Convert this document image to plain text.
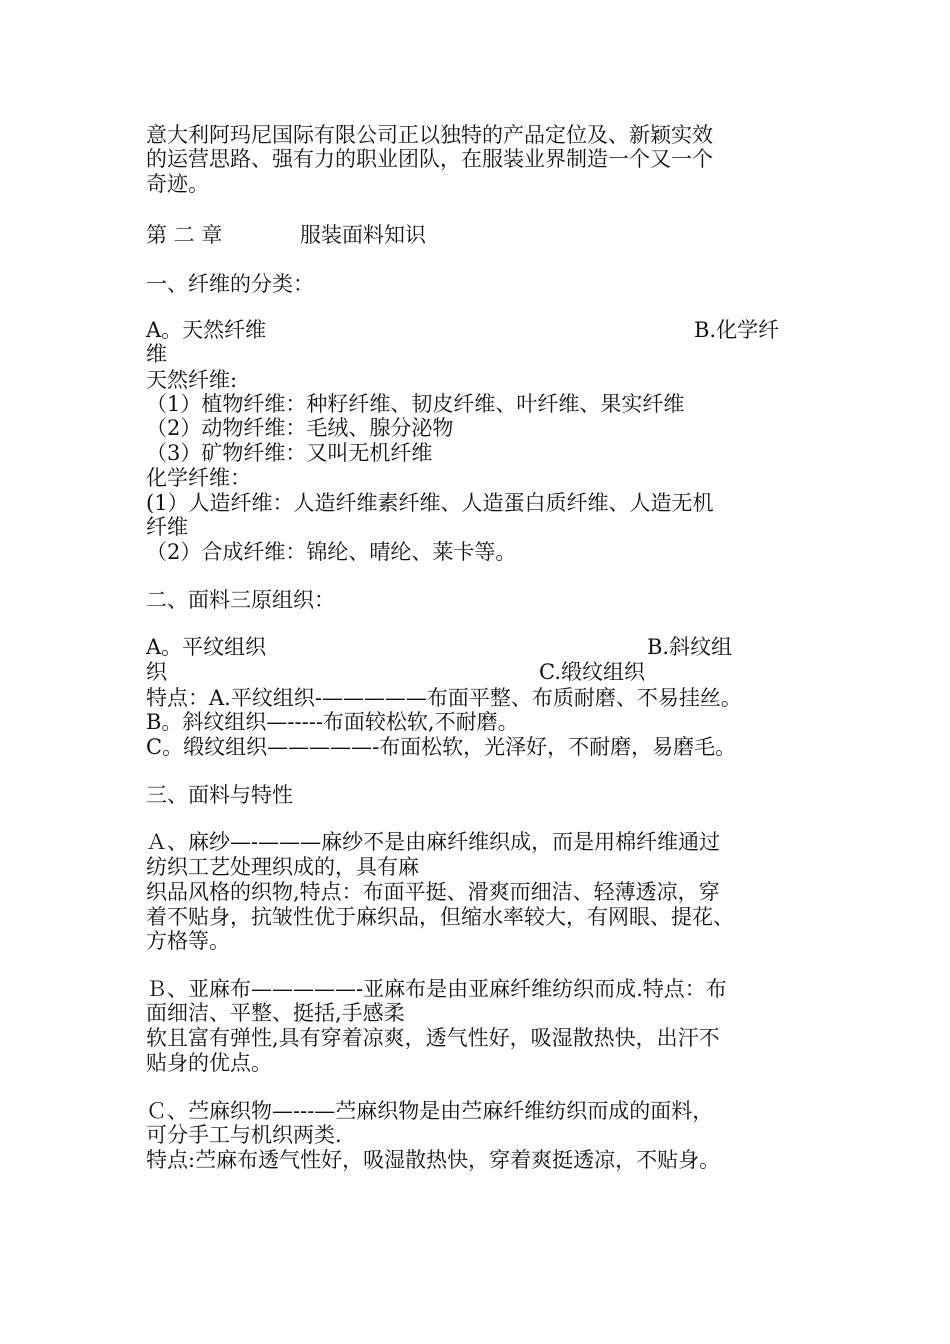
意大利阿玛尼国际有限公司正以独特的产品定位及、新颖实效

的运营思路、强有力的职业团队，在服装业界制造一个又一个

奇迹。

第 二 章	服装面料知识

一、纤维的分类：

A。天然纤维	B.化学纤

维

天然纤维:

（1）植物纤维：种籽纤维、韧皮纤维、叶纤维、果实纤维

（2）动物纤维：毛绒、腺分泌物

（3）矿物纤维：又叫无机纤维

化学纤维：

(1）人造纤维：人造纤维素纤维、人造蛋白质纤维、人造无机

纤维

（2）合成纤维：锦纶、晴纶、莱卡等。

二、面料三原组织：

A。平纹组织	B.斜纹组

织	C.缎纹组织

特点：A.平纹组织-—————布面平整、布质耐磨、不易挂丝。

B。斜纹组织—-----布面较松软,不耐磨。

C。缎纹组织—————-布面松软，光泽好，不耐磨，易磨毛。

三、面料与特性

Ａ、麻纱—-———麻纱不是由麻纤维织成，而是用棉纤维通过

纺织工艺处理织成的，具有麻

织品风格的织物,特点：布面平挺、滑爽而细洁、轻薄透凉，穿

着不贴身，抗皱性优于麻织品，但缩水率较大，有网眼、提花、

方格等。

Ｂ、亚麻布—————-亚麻布是由亚麻纤维纺织而成.特点：布

面细洁、平整、挺括,手感柔

软且富有弹性,具有穿着凉爽，透气性好，吸湿散热快，出汗不

贴身的优点。

Ｃ、苎麻织物—---—苎麻织物是由苎麻纤维纺织而成的面料，

可分手工与机织两类.

特点:苎麻布透气性好，吸湿散热快，穿着爽挺透凉，不贴身。
